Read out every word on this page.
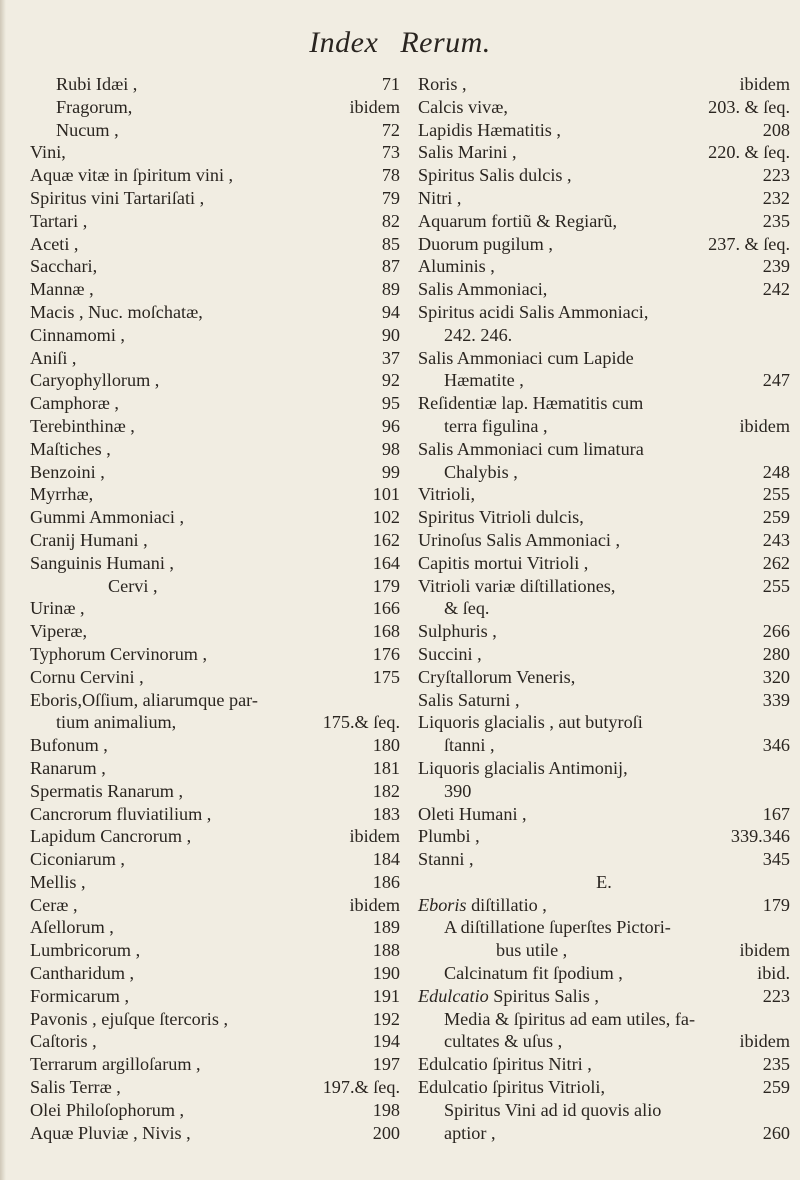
Index Rerum.
Rubi Idæi ,	71
Fragorum,	ibidem
Nucum ,	72
Vini,	73
Aquæ vitæ in ſpiritum vini ,	78
Spiritus vini Tartariſati ,	79
Tartari ,	82
Aceti ,	85
Sacchari,	87
Mannæ ,	89
Macis , Nuc. moſchatæ,	94
Cinnamomi ,	90
Aniſi ,	37
Caryophyllorum ,	92
Camphoræ ,	95
Terebinthinæ ,	96
Maſtiches ,	98
Benzoini ,	99
Myrrhæ,	101
Gummi Ammoniaci ,	102
Cranij Humani ,	162
Sanguinis Humani ,	164
Cervi ,	179
Urinæ ,	166
Viperæ,	168
Typhorum Cervinorum ,	176
Cornu Cervini ,	175
Eboris,Oſſium, aliarumque par-
tium animalium,	175.& ſeq.
Bufonum ,	180
Ranarum ,	181
Spermatis Ranarum ,	182
Cancrorum fluviatilium ,	183
Lapidum Cancrorum ,	ibidem
Ciconiarum ,	184
Mellis ,	186
Ceræ ,	ibidem
Aſellorum ,	189
Lumbricorum ,	188
Cantharidum ,	190
Formicarum ,	191
Pavonis , ejuſque ſtercoris ,	192
Caſtoris ,	194
Terrarum argilloſarum ,	197
Salis Terræ ,	197.& ſeq.
Olei Philoſophorum ,	198
Aquæ Pluviæ , Nivis ,	200
Roris ,	ibidem
Calcis vivæ,	203. & ſeq.
Lapidis Hæmatitis ,	208
Salis Marini ,	220. & ſeq.
Spiritus Salis dulcis ,	223
Nitri ,	232
Aquarum fortiũ & Regiarũ,	235
Duorum pugilum ,	237. & ſeq.
Aluminis ,	239
Salis Ammoniaci,	242
Spiritus acidi Salis Ammoniaci,
242. 246.
Salis Ammoniaci cum Lapide
Hæmatite ,	247
Reſidentiæ lap. Hæmatitis cum
terra figulina ,	ibidem
Salis Ammoniaci cum limatura
Chalybis ,	248
Vitrioli,	255
Spiritus Vitrioli dulcis,	259
Urinoſus Salis Ammoniaci ,	243
Capitis mortui Vitrioli ,	262
Vitrioli variæ diſtillationes,	255
& ſeq.
Sulphuris ,	266
Succini ,	280
Cryſtallorum Veneris,	320
Salis Saturni ,	339
Liquoris glacialis , aut butyroſi
ſtanni ,	346
Liquoris glacialis Antimonij,
390
Oleti Humani ,	167
Plumbi ,	339.346
Stanni ,	345
E.
Eboris diſtillatio ,	179
A diſtillatione ſuperſtes Pictori-
bus utile ,	ibidem
Calcinatum fit ſpodium ,	ibid.
Edulcatio Spiritus Salis ,	223
Media & ſpiritus ad eam utiles, fa-
cultates & uſus ,	ibidem
Edulcatio ſpiritus Nitri ,	235
Edulcatio ſpiritus Vitrioli,	259
Spiritus Vini ad id quovis alio
aptior ,	260
